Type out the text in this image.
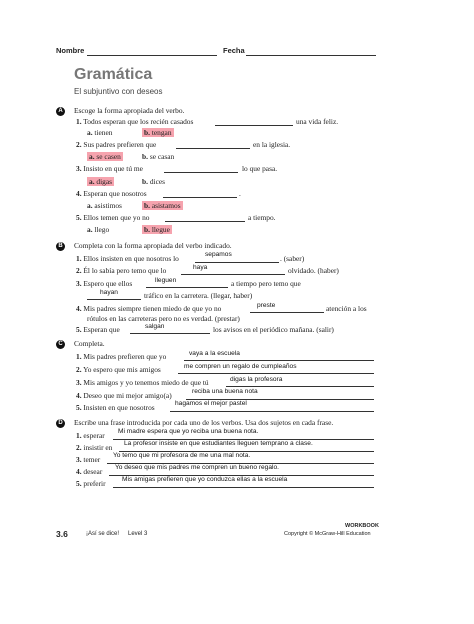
Nombre	Fecha
Gramática
El subjuntivo con deseos
A	Escoge la forma apropiada del verbo.
1. Todos esperan que los recién casados	una vida feliz.
a. tienen	b. tengan
2. Sus padres prefieren que	en la iglesia.
a. se casen	b. se casan
3. Insisto en que tú me	lo que pasa.
a. digas	b. dices
4. Esperan que nosotros	.
a. asistimos	b. asistamos
5. Ellos temen que yo no	a tiempo.
a. llego	b. llegue
B	Completa con la forma apropiada del verbo indicado.
1. Ellos insisten en que nosotros lo	sepamos	. (saber)
2. Él lo sabía pero temo que lo	haya	olvidado. (haber)
3. Espero que ellos	lleguen	a tiempo pero temo que
hayan	tráfico en la carretera. (llegar, haber)
4. Mis padres siempre tienen miedo de que yo no	preste	atención a los
rótulos en las carreteras pero no es verdad. (prestar)
5. Esperan que	salgan	los avisos en el periódico mañana. (salir)
C	Completa.
1. Mis padres prefieren que yo	vaya a la escuela
2. Yo espero que mis amigos	me compren un regalo de cumpleaños
3. Mis amigos y yo tenemos miedo de que tú	digas la profesora
4. Deseo que mi mejor amigo(a)	reciba una buena nota
5. Insisten en que nosotros	hagamos el mejor pastel
D	Escribe una frase introducida por cada uno de los verbos. Usa dos sujetos en cada frase.
1. esperar Mi madre espera que yo reciba una buena nota.
2. insistir en La profesor insiste en que estudiantes lleguen temprano a clase.
3. temer Yo temo que mi profesora de me una mal nota.
4. desear Yo deseo que mis padres me compren un bueno regalo.
5. preferir Mis amigas prefieren que yo conduzca ellas a la escuela
3.6	¡Así se dice! Level 3
WORKBOOK
Copyright © McGraw-Hill Education
